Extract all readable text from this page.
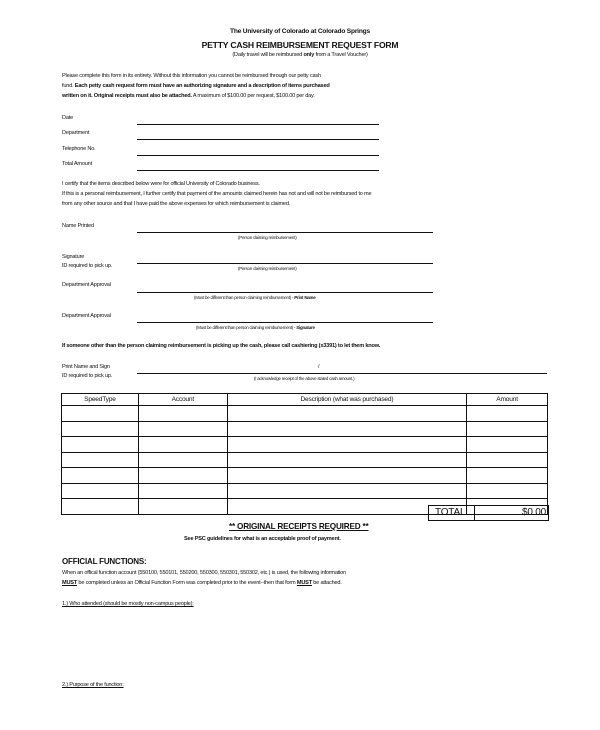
The University of Colorado at Colorado Springs
PETTY CASH REIMBURSEMENT REQUEST FORM
(Daily travel will be reimbursed only from a Travel Voucher)
Please complete this form in its entirety. Without this information you cannot be reimbursed through our petty cash
fund. Each petty cash request form must have an authorizing signature and a description of items purchased
written on it. Original receipts must also be attached. A maximum of $100.00 per request, $100.00 per day.
Date
Department
Telephone No.
Total Amount
I certify that the items described below were for official University of Colorado business.
If this is a personal reimbursement, I further certify that payment of the amounts claimed herein has not and will not be reimbursed to me
from any other source and that I have paid the above expenses for which reimbursement is claimed.
Name Printed
(Person claiming reimbursement)
Signature
ID required to pick up.	(Person claiming reimbursement)
Department Approval
(Must be different than person claiming reimbursement) - Print Name
Department Approval
(Must be different than person claiming reimbursement) - Signature
If someone other than the person claiming reimbursement is picking up the cash, please call cashiering (x3391) to let them know.
Print Name and Sign
ID required to pick up.
/
(I acknowledge receipt of the above stated cash amount.)
SpeedType	Account	Description (what was purchased)	Amount

TOTAL	$0.00
** ORIGINAL RECEIPTS REQUIRED **
See PSC guidelines for what is an acceptable proof of payment.
OFFICIAL FUNCTIONS:
When an offical function account (550100, 550101, 550200, 550300, 550301, 550302, etc.) is used, the following information
MUST be completed unless an Official Function Form was completed prior to the event--then that form MUST be attached.
1.) Who attended (should be mostly non-campus people):
2.) Purpose of the function:
